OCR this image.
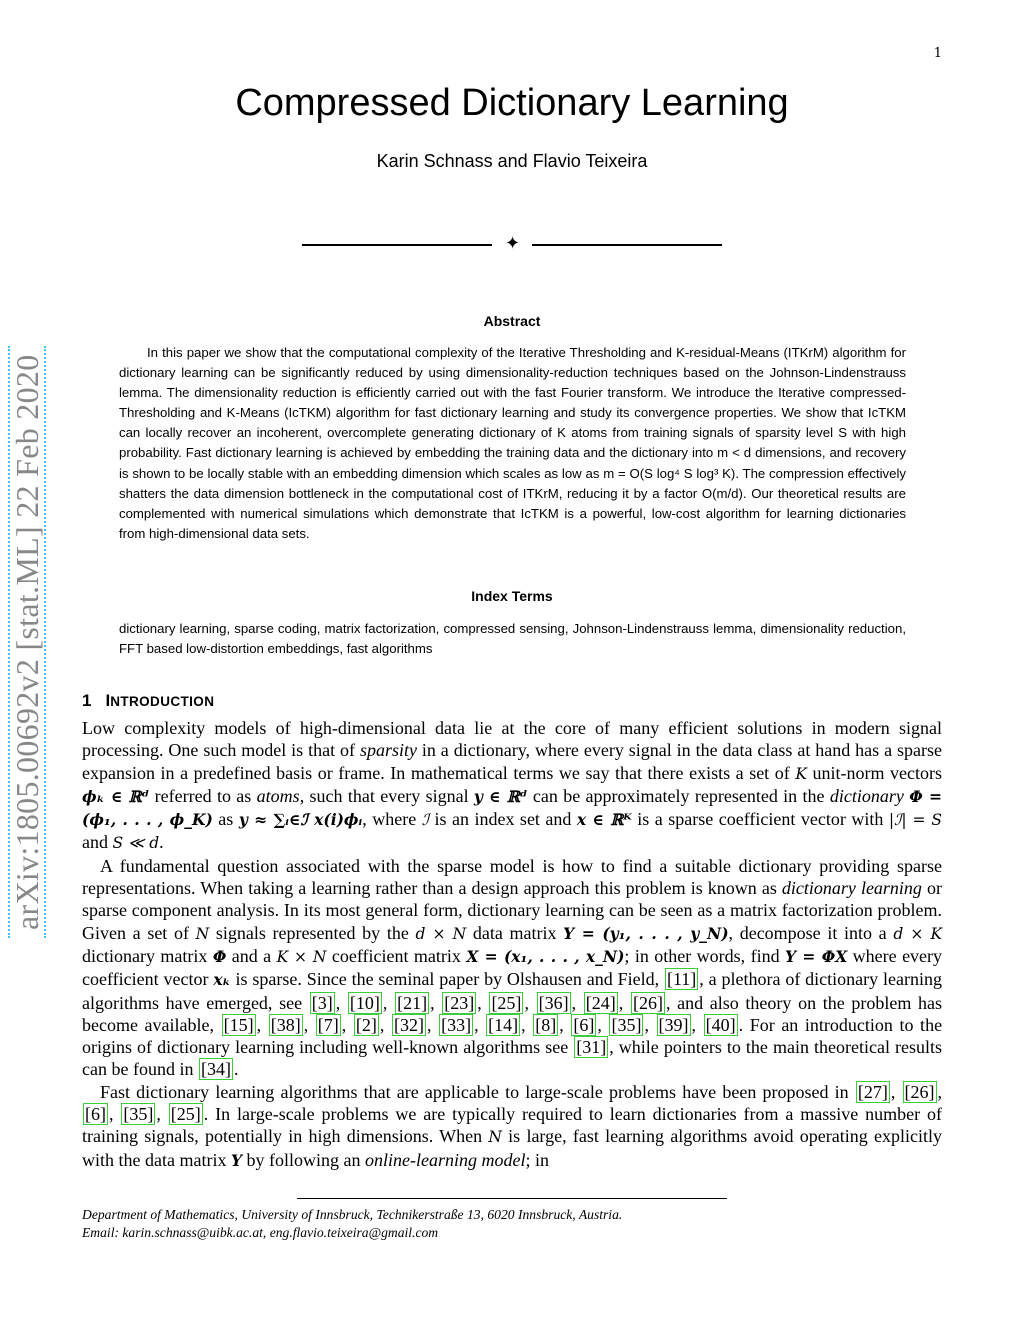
1
arXiv:1805.00692v2 [stat.ML] 22 Feb 2020
Compressed Dictionary Learning
Karin Schnass and Flavio Teixeira
✦
Abstract

In this paper we show that the computational complexity of the Iterative Thresholding and K-residual-Means (ITKrM) algorithm for dictionary learning can be significantly reduced by using dimensionality-reduction techniques based on the Johnson-Lindenstrauss lemma. The dimensionality reduction is efficiently carried out with the fast Fourier transform. We introduce the Iterative compressed-Thresholding and K-Means (IcTKM) algorithm for fast dictionary learning and study its convergence properties. We show that IcTKM can locally recover an incoherent, overcomplete generating dictionary of K atoms from training signals of sparsity level S with high probability. Fast dictionary learning is achieved by embedding the training data and the dictionary into m < d dimensions, and recovery is shown to be locally stable with an embedding dimension which scales as low as m = O(S log⁴ S log³ K). The compression effectively shatters the data dimension bottleneck in the computational cost of ITKrM, reducing it by a factor O(m/d). Our theoretical results are complemented with numerical simulations which demonstrate that IcTKM is a powerful, low-cost algorithm for learning dictionaries from high-dimensional data sets.

Index Terms

dictionary learning, sparse coding, matrix factorization, compressed sensing, Johnson-Lindenstrauss lemma, dimensionality reduction, FFT based low-distortion embeddings, fast algorithms

1 INTRODUCTION

Low complexity models of high-dimensional data lie at the core of many efficient solutions in modern signal processing. One such model is that of sparsity in a dictionary, where every signal in the data class at hand has a sparse expansion in a predefined basis or frame. In mathematical terms we say that there exists a set of K unit-norm vectors ϕₖ ∈ ℝᵈ referred to as atoms, such that every signal y ∈ ℝᵈ can be approximately represented in the dictionary Φ = (ϕ₁, . . . , ϕ_K) as y ≈ ∑ᵢ∈ℐ x(i)ϕᵢ, where ℐ is an index set and x ∈ ℝᴷ is a sparse coefficient vector with |ℐ| = S and S ≪ d.

A fundamental question associated with the sparse model is how to find a suitable dictionary providing sparse representations. When taking a learning rather than a design approach this problem is known as dictionary learning or sparse component analysis. In its most general form, dictionary learning can be seen as a matrix factorization problem. Given a set of N signals represented by the d × N data matrix Y = (y₁, . . . , y_N), decompose it into a d × K dictionary matrix Φ and a K × N coefficient matrix X = (x₁, . . . , x_N); in other words, find Y = ΦX where every coefficient vector xₖ is sparse. Since the seminal paper by Olshausen and Field, [11] , a plethora of dictionary learning algorithms have emerged, see [3] , [10] , [21] , [23] , [25] , [36] , [24] , [26] , and also theory on the problem has become available, [15] , [38] , [7] , [2] , [32] , [33] , [14] , [8] , [6] , [35] , [39] , [40] . For an introduction to the origins of dictionary learning including well-known algorithms see [31] , while pointers to the main theoretical results can be found in [34] .

Fast dictionary learning algorithms that are applicable to large-scale problems have been proposed in [27] , [26] , [6] , [35] , [25] . In large-scale problems we are typically required to learn dictionaries from a massive number of training signals, potentially in high dimensions. When N is large, fast learning algorithms avoid operating explicitly with the data matrix Y by following an online-learning model; in

Department of Mathematics, University of Innsbruck, Technikerstraße 13, 6020 Innsbruck, Austria.
Email: karin.schnass@uibk.ac.at, eng.flavio.teixeira@gmail.com
